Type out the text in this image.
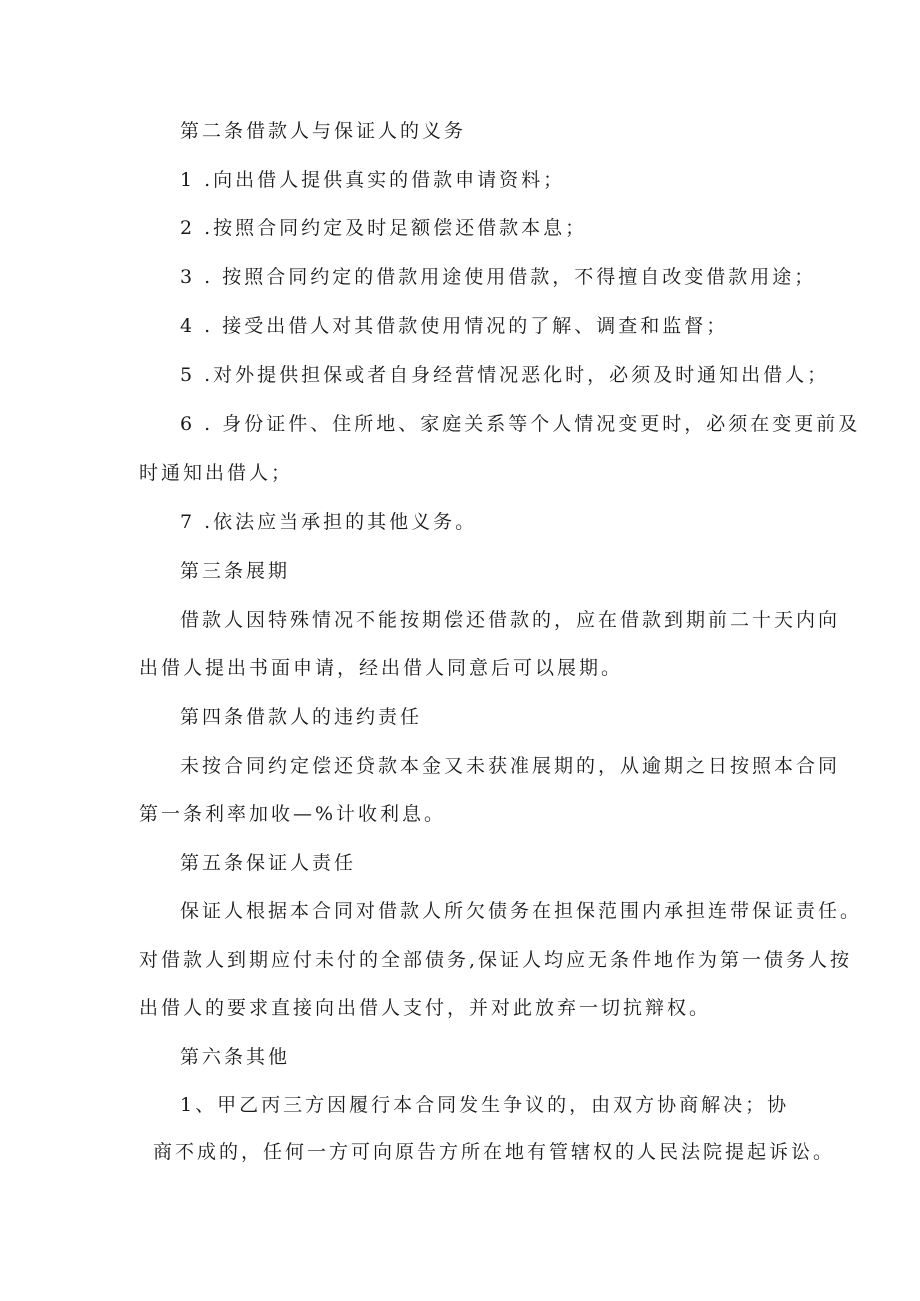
第二条借款人与保证人的义务
1 .向出借人提供真实的借款申请资料；
2 .按照合同约定及时足额偿还借款本息；
3 . 按照合同约定的借款用途使用借款，不得擅自改变借款用途；
4 . 接受出借人对其借款使用情况的了解、调查和监督；
5 .对外提供担保或者自身经营情况恶化时，必须及时通知出借人；
6 . 身份证件、住所地、家庭关系等个人情况变更时，必须在变更前及
时通知出借人；
7 .依法应当承担的其他义务。
第三条展期
借款人因特殊情况不能按期偿还借款的，应在借款到期前二十天内向
出借人提出书面申请，经出借人同意后可以展期。
第四条借款人的违约责任
未按合同约定偿还贷款本金又未获准展期的，从逾期之日按照本合同
第一条利率加收—%计收利息。
第五条保证人责任
保证人根据本合同对借款人所欠债务在担保范围内承担连带保证责任。
对借款人到期应付未付的全部债务,保证人均应无条件地作为第一债务人按
出借人的要求直接向出借人支付，并对此放弃一切抗辩权。
第六条其他
1、甲乙丙三方因履行本合同发生争议的，由双方协商解决；协
商不成的，任何一方可向原告方所在地有管辖权的人民法院提起诉讼。
